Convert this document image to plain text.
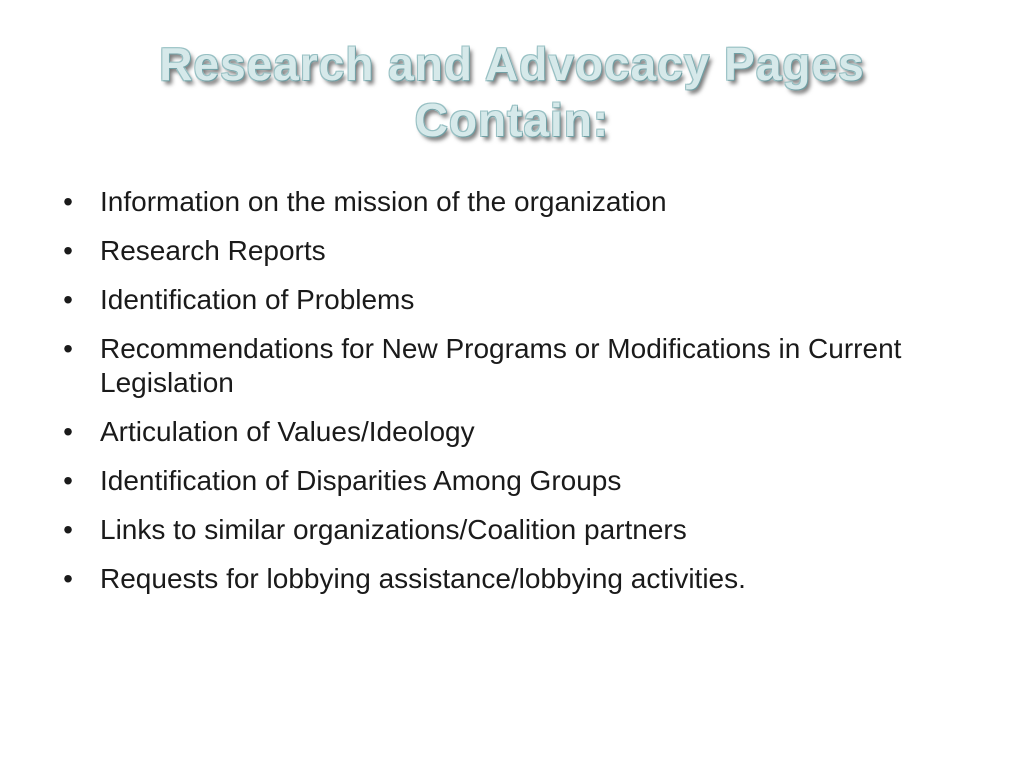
Research and Advocacy Pages
Contain:
• Information on the mission of the organization
• Research Reports
• Identification of Problems
• Recommendations for New Programs or Modifications in Current Legislation
• Articulation of Values/Ideology
• Identification of Disparities Among Groups
• Links to similar organizations/Coalition partners
• Requests for lobbying assistance/lobbying activities.
